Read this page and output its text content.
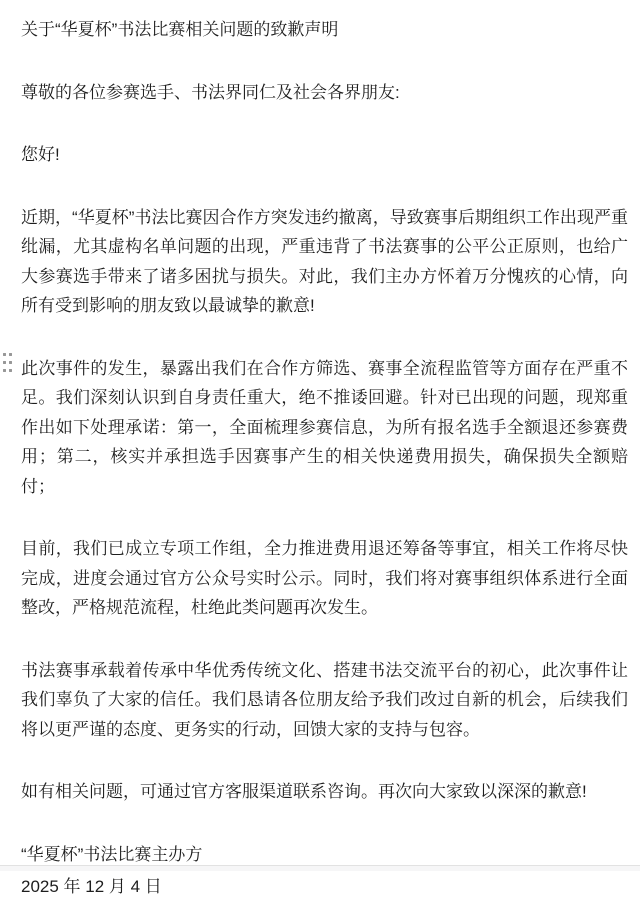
关于“华夏杯”书法比赛相关问题的致歉声明

尊敬的各位参赛选手、书法界同仁及社会各界朋友:

您好!

近期，“华夏杯”书法比赛因合作方突发违约撤离，导致赛事后期组织工作出现严重纰漏，尤其虚构名单问题的出现，严重违背了书法赛事的公平公正原则，也给广大参赛选手带来了诸多困扰与损失。对此，我们主办方怀着万分愧疚的心情，向所有受到影响的朋友致以最诚挚的歉意!

此次事件的发生，暴露出我们在合作方筛选、赛事全流程监管等方面存在严重不足。我们深刻认识到自身责任重大，绝不推诿回避。针对已出现的问题，现郑重作出如下处理承诺：第一，全面梳理参赛信息，为所有报名选手全额退还参赛费用；第二，核实并承担选手因赛事产生的相关快递费用损失，确保损失全额赔付；

目前，我们已成立专项工作组，全力推进费用退还筹备等事宜，相关工作将尽快完成，进度会通过官方公众号实时公示。同时，我们将对赛事组织体系进行全面整改，严格规范流程，杜绝此类问题再次发生。

书法赛事承载着传承中华优秀传统文化、搭建书法交流平台的初心，此次事件让我们辜负了大家的信任。我们恳请各位朋友给予我们改过自新的机会，后续我们将以更严谨的态度、更务实的行动，回馈大家的支持与包容。

如有相关问题，可通过官方客服渠道联系咨询。再次向大家致以深深的歉意!

“华夏杯”书法比赛主办方

2025 年 12 月 4 日
